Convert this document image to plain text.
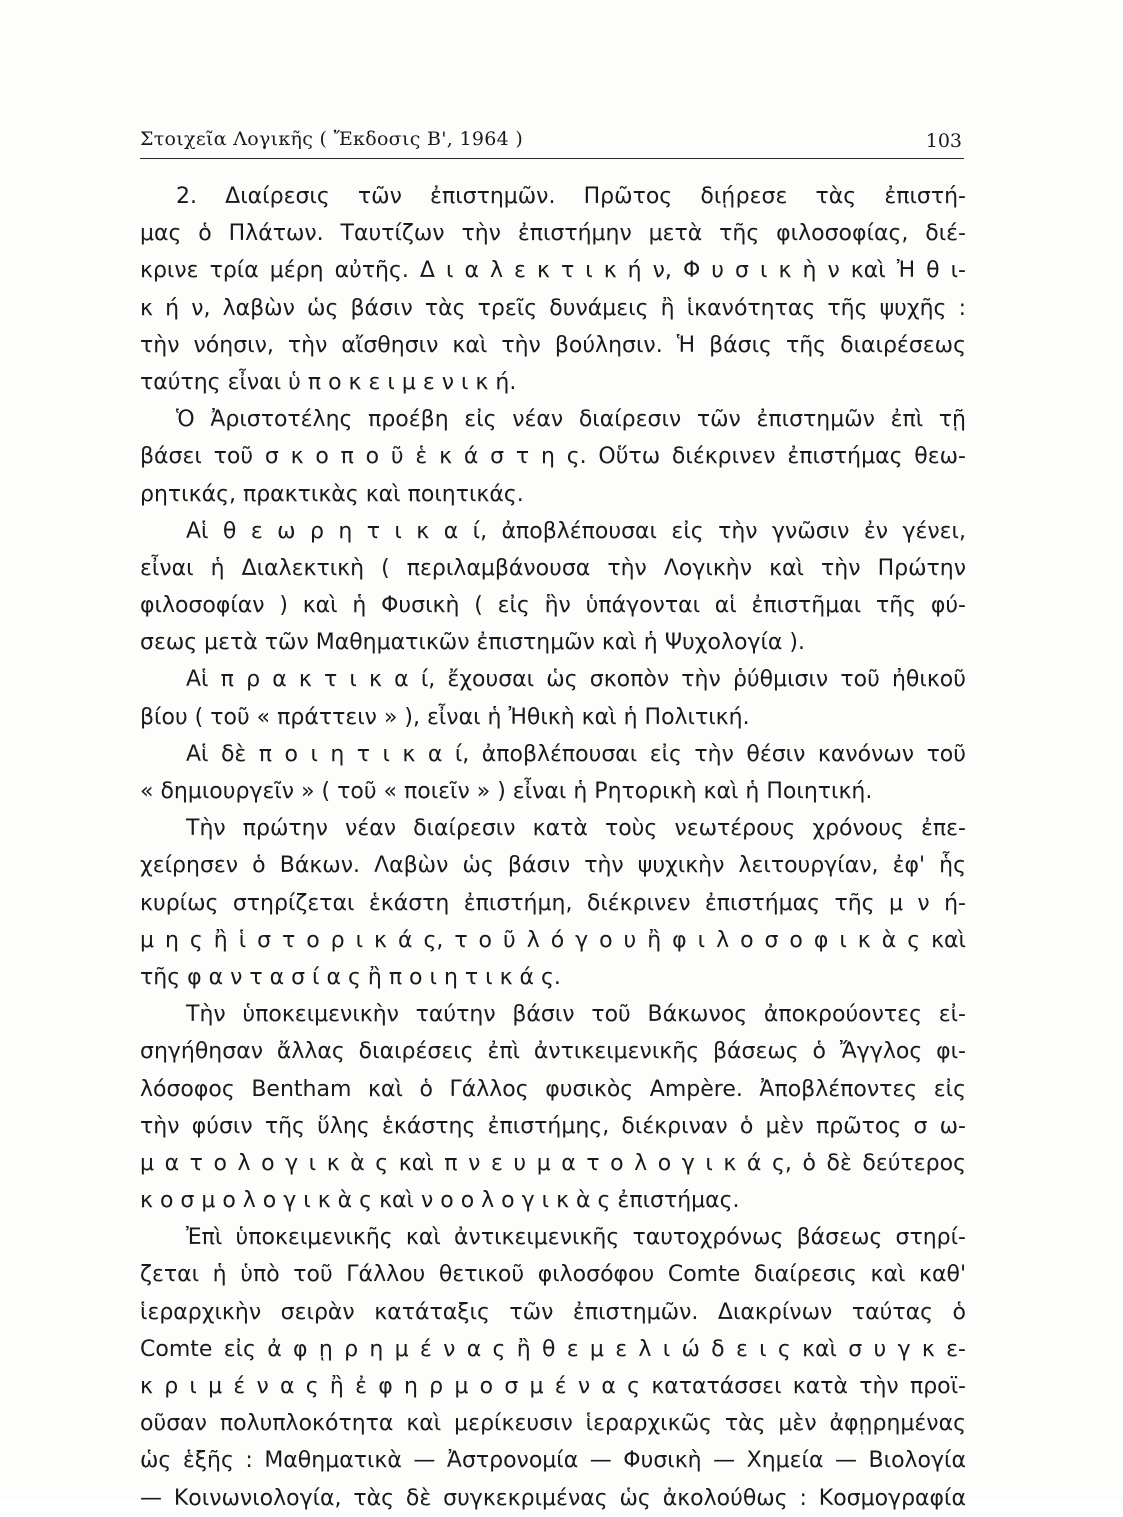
Στοιχεῖα Λογικῆς ( Ἔκδοσις Β', 1964 )	103
2. Διαίρεσις τῶν ἐπιστημῶν. Πρῶτος διῄρεσε τὰς ἐπιστή-
μας ὁ Πλάτων. Ταυτίζων τὴν ἐπιστήμην μετὰ τῆς φιλοσοφίας, διέ-
κρινε τρία μέρη αὐτῆς. Δ ι α λ ε κ τ ι κ ή ν, Φ υ σ ι κ ὴ ν καὶ Ἠ θ ι-
κ ή ν, λαβὼν ὡς βάσιν τὰς τρεῖς δυνάμεις ἢ ἱκανότητας τῆς ψυχῆς :
τὴν νόησιν, τὴν αἴσθησιν καὶ τὴν βούλησιν. Ἡ βάσις τῆς διαιρέσεως
ταύτης εἶναι ὑ π ο κ ε ι μ ε ν ι κ ή.
Ὁ Ἀριστοτέλης προέβη εἰς νέαν διαίρεσιν τῶν ἐπιστημῶν ἐπὶ τῇ
βάσει τοῦ σ κ ο π ο ῦ ἑ κ ά σ τ η ς. Οὕτω διέκρινεν ἐπιστήμας θεω-
ρητικάς, πρακτικὰς καὶ ποιητικάς.
Αἱ θ ε ω ρ η τ ι κ α ί, ἀποβλέπουσαι εἰς τὴν γνῶσιν ἐν γένει,
εἶναι ἡ Διαλεκτικὴ ( περιλαμβάνουσα τὴν Λογικὴν καὶ τὴν Πρώτην
φιλοσοφίαν ) καὶ ἡ Φυσικὴ ( εἰς ἣν ὑπάγονται αἱ ἐπιστῆμαι τῆς φύ-
σεως μετὰ τῶν Μαθηματικῶν ἐπιστημῶν καὶ ἡ Ψυχολογία ).
Αἱ π ρ α κ τ ι κ α ί, ἔχουσαι ὡς σκοπὸν τὴν ῥύθμισιν τοῦ ἠθικοῦ
βίου ( τοῦ « πράττειν » ), εἶναι ἡ Ἠθικὴ καὶ ἡ Πολιτική.
Αἱ δὲ π ο ι η τ ι κ α ί, ἀποβλέπουσαι εἰς τὴν θέσιν κανόνων τοῦ
« δημιουργεῖν » ( τοῦ « ποιεῖν » ) εἶναι ἡ Ρητορικὴ καὶ ἡ Ποιητική.
Τὴν πρώτην νέαν διαίρεσιν κατὰ τοὺς νεωτέρους χρόνους ἐπε-
χείρησεν ὁ Βάκων. Λαβὼν ὡς βάσιν τὴν ψυχικὴν λειτουργίαν, ἐφ' ἧς
κυρίως στηρίζεται ἑκάστη ἐπιστήμη, διέκρινεν ἐπιστήμας τῆς μ ν ή-
μ η ς ἢ ἱ σ τ ο ρ ι κ ά ς, τ ο ῦ λ ό γ ο υ ἢ φ ι λ ο σ ο φ ι κ ὰ ς καὶ
τῆς φ α ν τ α σ ί α ς ἢ π ο ι η τ ι κ ά ς.
Τὴν ὑποκειμενικὴν ταύτην βάσιν τοῦ Βάκωνος ἀποκρούοντες εἰ-
σηγήθησαν ἄλλας διαιρέσεις ἐπὶ ἀντικειμενικῆς βάσεως ὁ Ἄγγλος φι-
λόσοφος Bentham καὶ ὁ Γάλλος φυσικὸς Ampère. Ἀποβλέποντες εἰς
τὴν φύσιν τῆς ὕλης ἑκάστης ἐπιστήμης, διέκριναν ὁ μὲν πρῶτος σ ω-
μ α τ ο λ ο γ ι κ ὰ ς καὶ π ν ε υ μ α τ ο λ ο γ ι κ ά ς, ὁ δὲ δεύτερος
κ ο σ μ ο λ ο γ ι κ ὰ ς καὶ ν ο ο λ ο γ ι κ ὰ ς ἐπιστήμας.
Ἐπὶ ὑποκειμενικῆς καὶ ἀντικειμενικῆς ταυτοχρόνως βάσεως στηρί-
ζεται ἡ ὑπὸ τοῦ Γάλλου θετικοῦ φιλοσόφου Comte διαίρεσις καὶ καθ'
ἱεραρχικὴν σειρὰν κατάταξις τῶν ἐπιστημῶν. Διακρίνων ταύτας ὁ
Comte εἰς ἀ φ ῃ ρ η μ έ ν α ς ἢ θ ε μ ε λ ι ώ δ ε ι ς καὶ σ υ γ κ ε-
κ ρ ι μ έ ν α ς ἢ ἐ φ η ρ μ ο σ μ έ ν α ς κατατάσσει κατὰ τὴν προϊ-
οῦσαν πολυπλοκότητα καὶ μερίκευσιν ἱεραρχικῶς τὰς μὲν ἀφῃρημένας
ὡς ἑξῆς : Μαθηματικὰ — Ἀστρονομία — Φυσικὴ — Χημεία — Βιολογία
— Κοινωνιολογία, τὰς δὲ συγκεκριμένας ὡς ἀκολούθως : Κοσμογραφία
